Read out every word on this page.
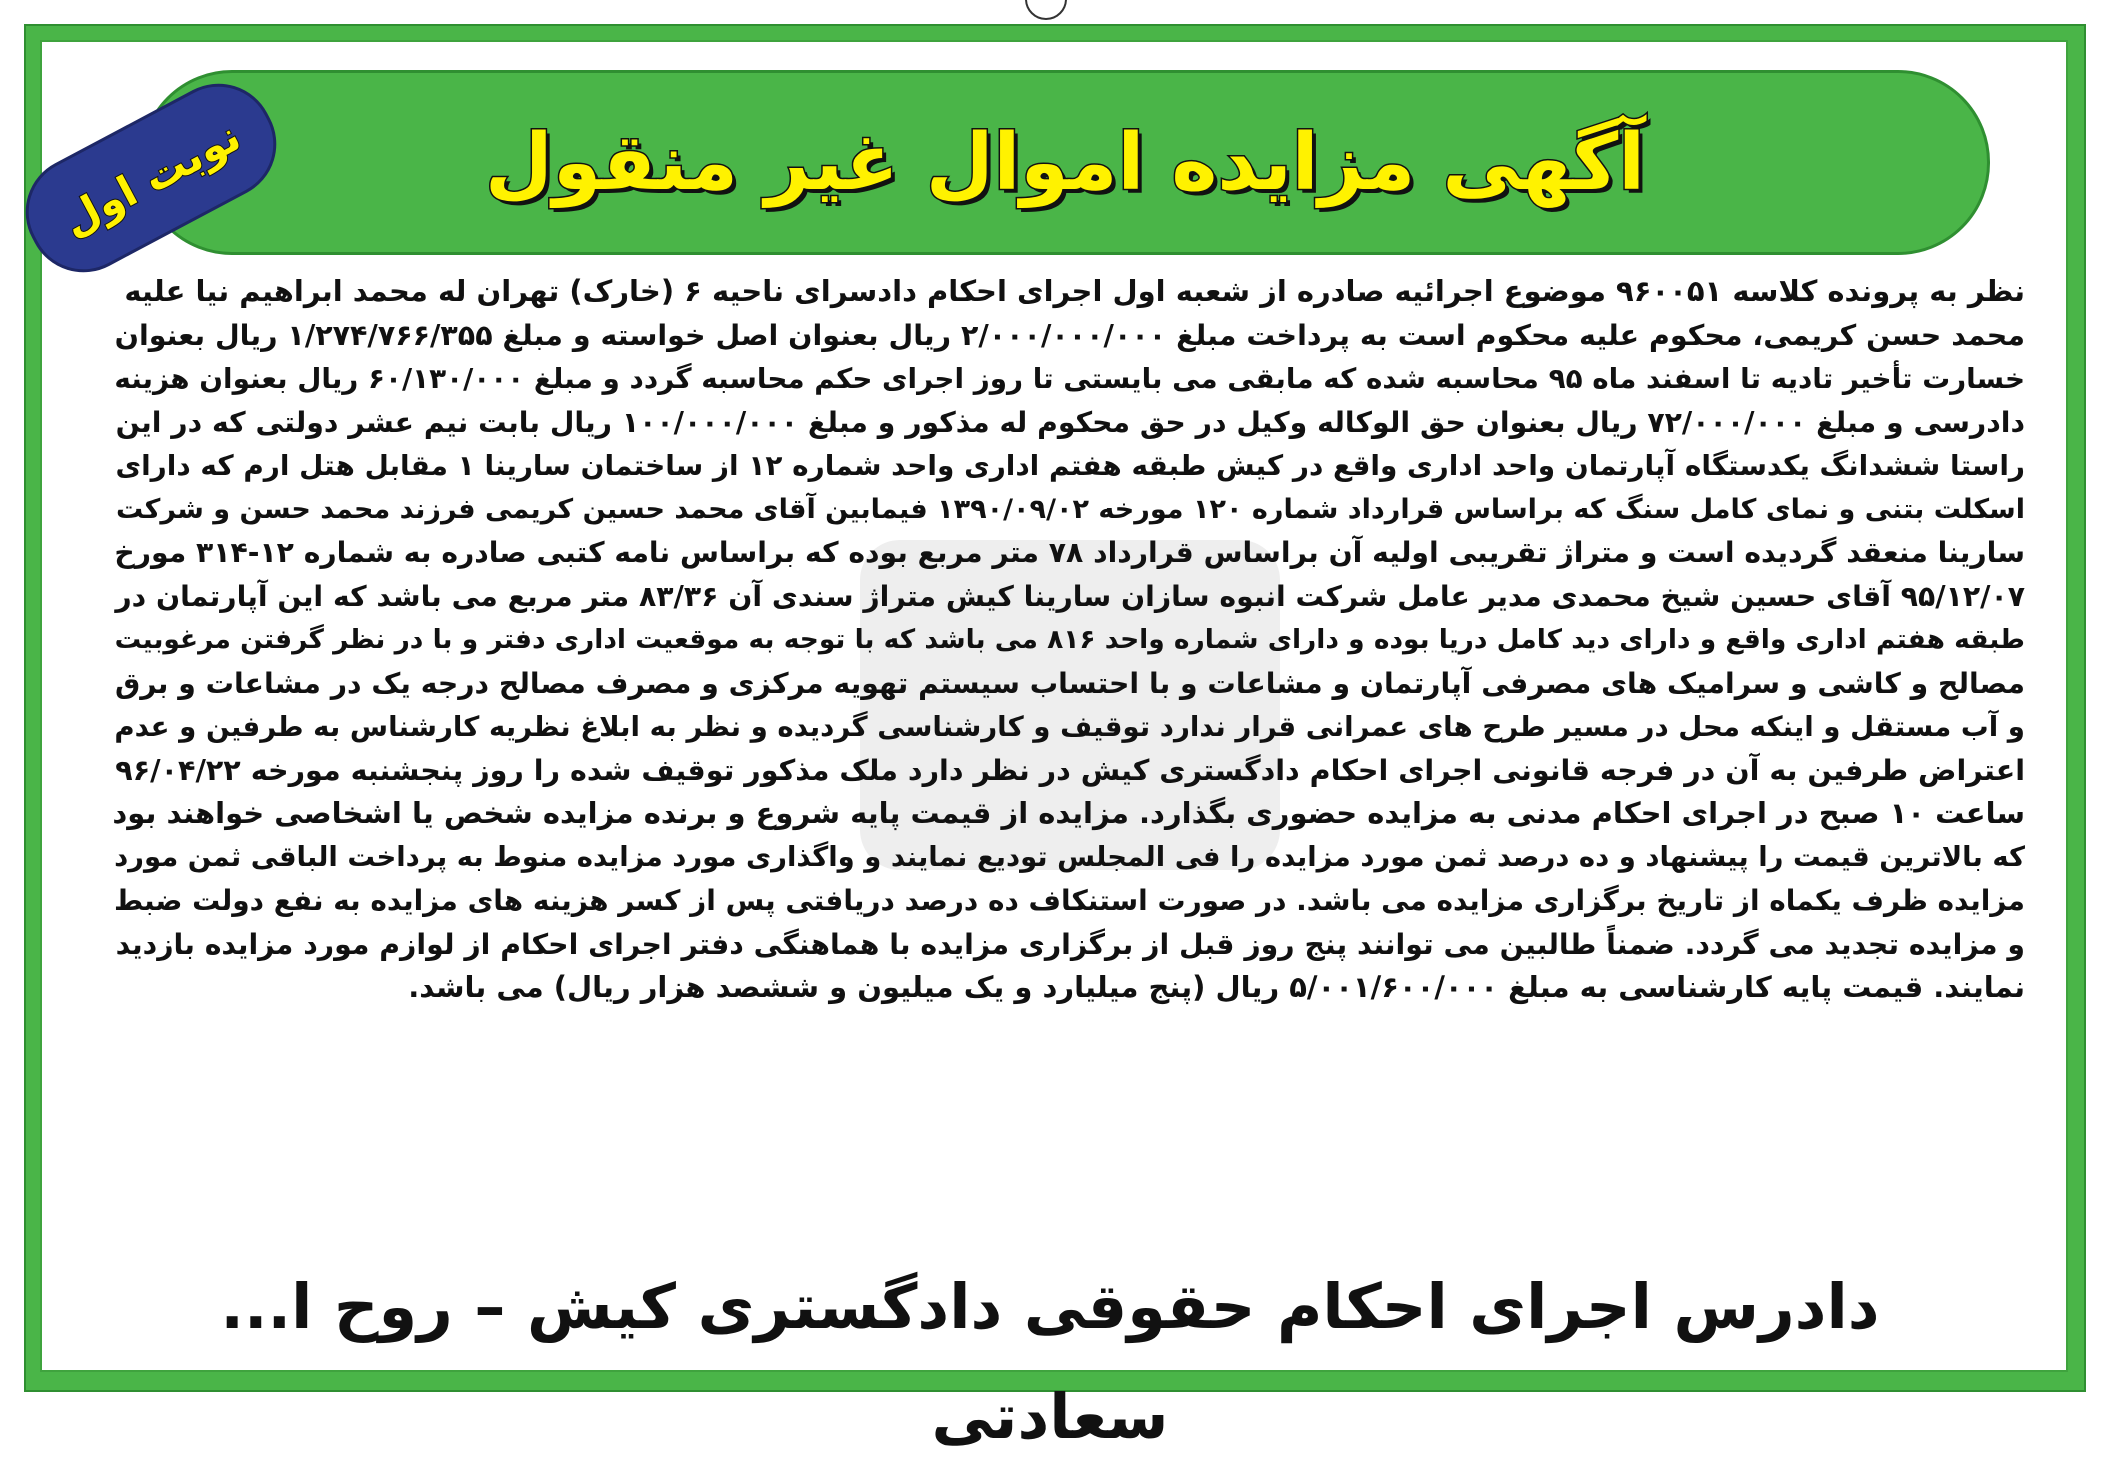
آگهی مزایده اموال غیر منقول
نوبت اول
نظر به پرونده کلاسه ۹۶۰۰۵۱ موضوع اجرائیه صادره از شعبه اول اجرای احکام دادسرای ناحیه ۶ (خارک) تهران له محمد ابراهیم نیا علیه
محمد حسن کریمی، محکوم علیه محکوم است به پرداخت مبلغ ۲/۰۰۰/۰۰۰/۰۰۰ ریال بعنوان اصل خواسته و مبلغ ۱/۲۷۴/۷۶۶/۳۵۵ ریال بعنوان
خسارت تأخیر تادیه تا اسفند ماه ۹۵ محاسبه شده که مابقی می بایستی تا روز اجرای حکم محاسبه گردد و مبلغ ۶۰/۱۳۰/۰۰۰ ریال بعنوان هزینه
دادرسی و مبلغ ۷۲/۰۰۰/۰۰۰ ریال بعنوان حق الوکاله وکیل در حق محکوم له مذکور و مبلغ ۱۰۰/۰۰۰/۰۰۰ ریال بابت نیم عشر دولتی که در این
راستا ششدانگ یکدستگاه آپارتمان واحد اداری واقع در کیش طبقه هفتم اداری واحد شماره ۱۲ از ساختمان سارینا ۱ مقابل هتل ارم که دارای
اسکلت بتنی و نمای کامل سنگ که براساس قرارداد شماره ۱۲۰ مورخه ۱۳۹۰/۰۹/۰۲ فیمابین آقای محمد حسین کریمی فرزند محمد حسن و شرکت
سارینا منعقد گردیده است و متراژ تقریبی اولیه آن براساس قرارداد ۷۸ متر مربع بوده که براساس نامه کتبی صادره به شماره ۱۲-۳۱۴ مورخ
۹۵/۱۲/۰۷ آقای حسین شیخ محمدی مدیر عامل شرکت انبوه سازان سارینا کیش متراژ سندی آن ۸۳/۳۶ متر مربع می باشد که این آپارتمان در
طبقه هفتم اداری واقع و دارای دید کامل دریا بوده و دارای شماره واحد ۸۱۶ می باشد که با توجه به موقعیت اداری دفتر و با در نظر گرفتن مرغوبیت
مصالح و کاشی و سرامیک های مصرفی آپارتمان و مشاعات و با احتساب سیستم تهویه مرکزی و مصرف مصالح درجه یک در مشاعات و برق
و آب مستقل و اینکه محل در مسیر طرح های عمرانی قرار ندارد توقیف و کارشناسی گردیده و نظر به ابلاغ نظریه کارشناس به طرفین و عدم
اعتراض طرفین به آن در فرجه قانونی اجرای احکام دادگستری کیش در نظر دارد ملک مذکور توقیف شده را روز پنجشنبه مورخه ۹۶/۰۴/۲۲
ساعت ۱۰ صبح در اجرای احکام مدنی به مزایده حضوری بگذارد. مزایده از قیمت پایه شروع و برنده مزایده شخص یا اشخاصی خواهند بود
که بالاترین قیمت را پیشنهاد و ده درصد ثمن مورد مزایده را فی المجلس تودیع نمایند و واگذاری مورد مزایده منوط به پرداخت الباقی ثمن مورد
مزایده ظرف یکماه از تاریخ برگزاری مزایده می باشد. در صورت استنکاف ده درصد دریافتی پس از کسر هزینه های مزایده به نفع دولت ضبط
و مزایده تجدید می گردد. ضمناً طالبین می توانند پنج روز قبل از برگزاری مزایده با هماهنگی دفتر اجرای احکام از لوازم مورد مزایده بازدید
نمایند. قیمت پایه کارشناسی به مبلغ ۵/۰۰۱/۶۰۰/۰۰۰ ریال (پنج میلیارد و یک میلیون و ششصد هزار ریال) می باشد.
دادرس اجرای احکام حقوقی دادگستری کیش – روح ا... سعادتی
